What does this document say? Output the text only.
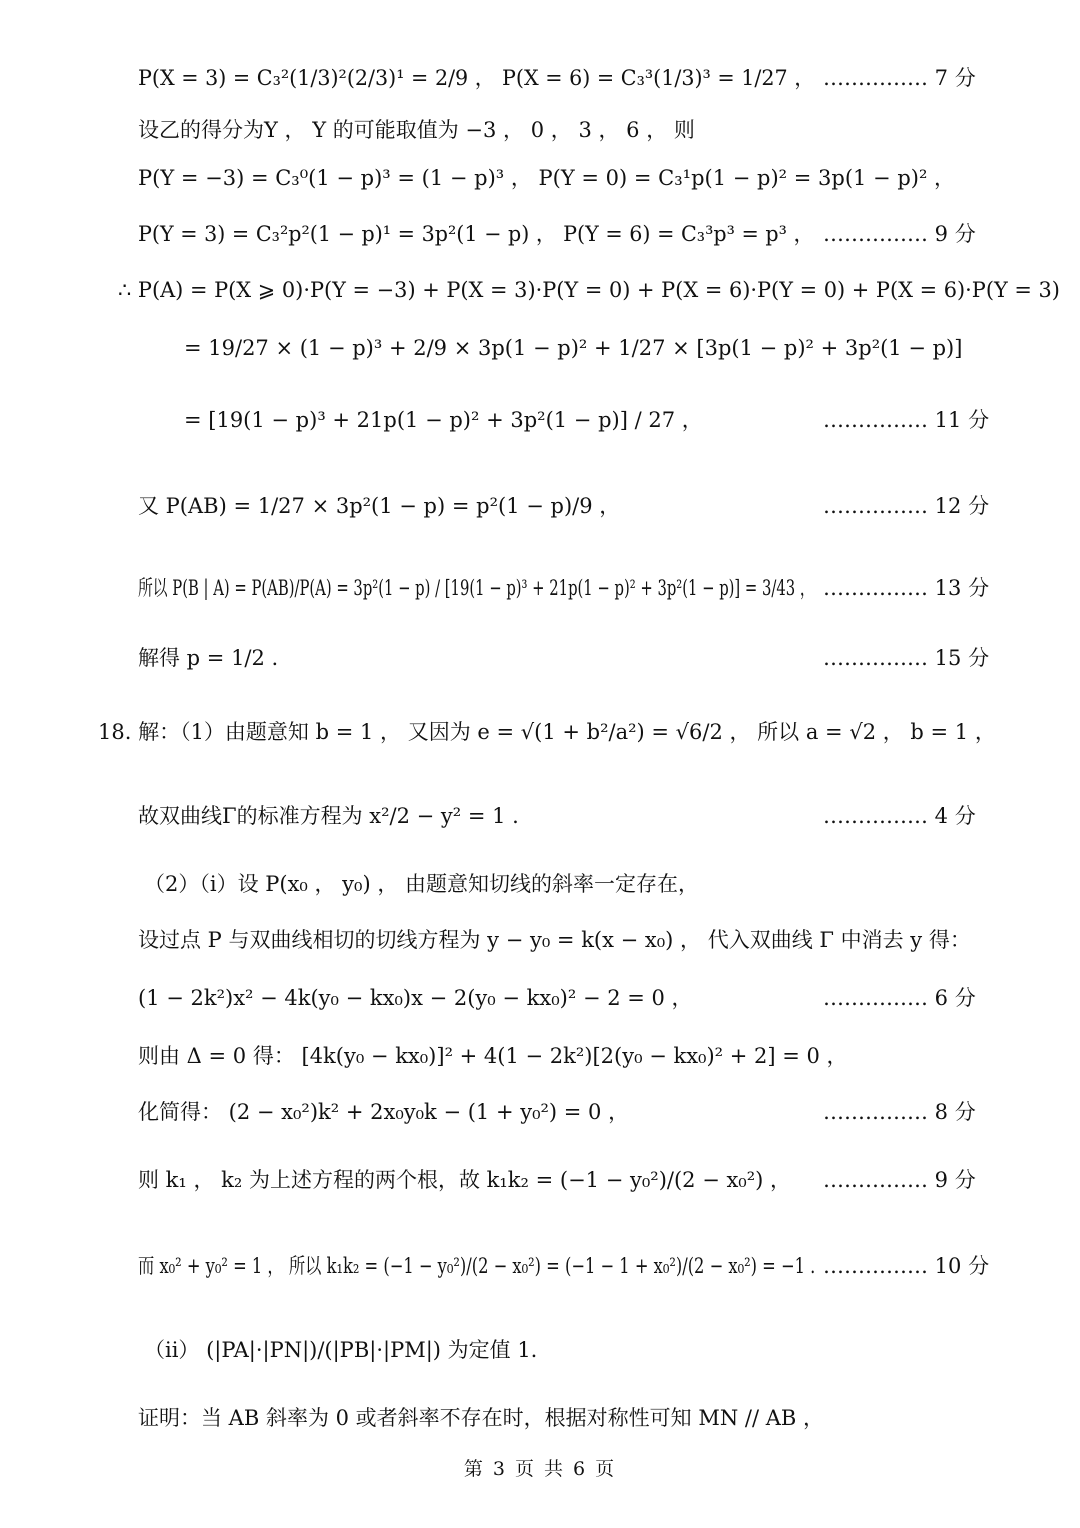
P(X = 3) = C₃²(1/3)²(2/3)¹ = 2/9 ， P(X = 6) = C₃³(1/3)³ = 1/27 ， …………… 7 分
设乙的得分为Y ， Y 的可能取值为 −3 ， 0 ， 3 ， 6 ， 则
P(Y = −3) = C₃⁰(1 − p)³ = (1 − p)³ ， P(Y = 0) = C₃¹p(1 − p)² = 3p(1 − p)² ，
P(Y = 3) = C₃²p²(1 − p)¹ = 3p²(1 − p) ， P(Y = 6) = C₃³p³ = p³ ， …………… 9 分
∴ P(A) = P(X ⩾ 0)·P(Y = −3) + P(X = 3)·P(Y = 0) + P(X = 6)·P(Y = 0) + P(X = 6)·P(Y = 3)
= 19/27 × (1 − p)³ + 2/9 × 3p(1 − p)² + 1/27 × [3p(1 − p)² + 3p²(1 − p)]
= [19(1 − p)³ + 21p(1 − p)² + 3p²(1 − p)] / 27 ，	…………… 11 分
又 P(AB) = 1/27 × 3p²(1 − p) = p²(1 − p)/9 ，	…………… 12 分
所以 P(B | A) = P(AB)/P(A) = 3p²(1 − p) / [19(1 − p)³ + 21p(1 − p)² + 3p²(1 − p)] = 3/43 ， …………… 13 分
解得 p = 1/2 .	…………… 15 分
18. 解：（1）由题意知 b = 1 ， 又因为 e = √(1 + b²/a²) = √6/2 ， 所以 a = √2 ， b = 1 ，
故双曲线Γ的标准方程为 x²/2 − y² = 1 .	…………… 4 分
（2）（i）设 P(x₀ ， y₀) ， 由题意知切线的斜率一定存在，
设过点 P 与双曲线相切的切线方程为 y − y₀ = k(x − x₀) ， 代入双曲线 Γ 中消去 y 得：
(1 − 2k²)x² − 4k(y₀ − kx₀)x − 2(y₀ − kx₀)² − 2 = 0 ，	…………… 6 分
则由 Δ = 0 得： [4k(y₀ − kx₀)]² + 4(1 − 2k²)[2(y₀ − kx₀)² + 2] = 0 ，
化简得： (2 − x₀²)k² + 2x₀y₀k − (1 + y₀²) = 0 ，	…………… 8 分
则 k₁ ， k₂ 为上述方程的两个根，故 k₁k₂ = (−1 − y₀²)/(2 − x₀²) ， …………… 9 分
而 x₀² + y₀² = 1 ， 所以 k₁k₂ = (−1 − y₀²)/(2 − x₀²) = (−1 − 1 + x₀²)/(2 − x₀²) = −1 . …………… 10 分
（ii） (|PA|·|PN|)/(|PB|·|PM|) 为定值 1.
证明：当 AB 斜率为 0 或者斜率不存在时，根据对称性可知 MN // AB ，
第 3 页 共 6 页
